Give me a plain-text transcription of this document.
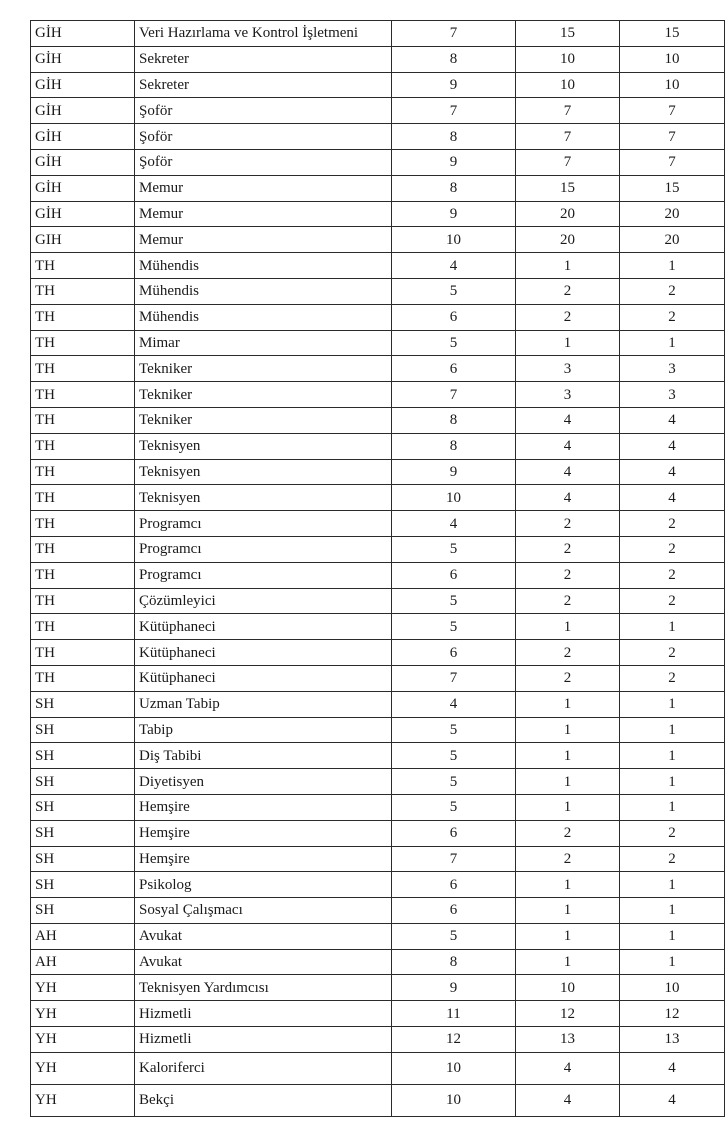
GİH	Veri Hazırlama ve Kontrol İşletmeni	7	15	15
GİH	Sekreter	8	10	10
GİH	Sekreter	9	10	10
GİH	Şoför	7	7	7
GİH	Şoför	8	7	7
GİH	Şoför	9	7	7
GİH	Memur	8	15	15
GİH	Memur	9	20	20
GIH	Memur	10	20	20
TH	Mühendis	4	1	1
TH	Mühendis	5	2	2
TH	Mühendis	6	2	2
TH	Mimar	5	1	1
TH	Tekniker	6	3	3
TH	Tekniker	7	3	3
TH	Tekniker	8	4	4
TH	Teknisyen	8	4	4
TH	Teknisyen	9	4	4
TH	Teknisyen	10	4	4
TH	Programcı	4	2	2
TH	Programcı	5	2	2
TH	Programcı	6	2	2
TH	Çözümleyici	5	2	2
TH	Kütüphaneci	5	1	1
TH	Kütüphaneci	6	2	2
TH	Kütüphaneci	7	2	2
SH	Uzman Tabip	4	1	1
SH	Tabip	5	1	1
SH	Diş Tabibi	5	1	1
SH	Diyetisyen	5	1	1
SH	Hemşire	5	1	1
SH	Hemşire	6	2	2
SH	Hemşire	7	2	2
SH	Psikolog	6	1	1
SH	Sosyal Çalışmacı	6	1	1
AH	Avukat	5	1	1
AH	Avukat	8	1	1
YH	Teknisyen Yardımcısı	9	10	10
YH	Hizmetli	11	12	12
YH	Hizmetli	12	13	13
YH	Kaloriferci	10	4	4
YH	Bekçi	10	4	4
